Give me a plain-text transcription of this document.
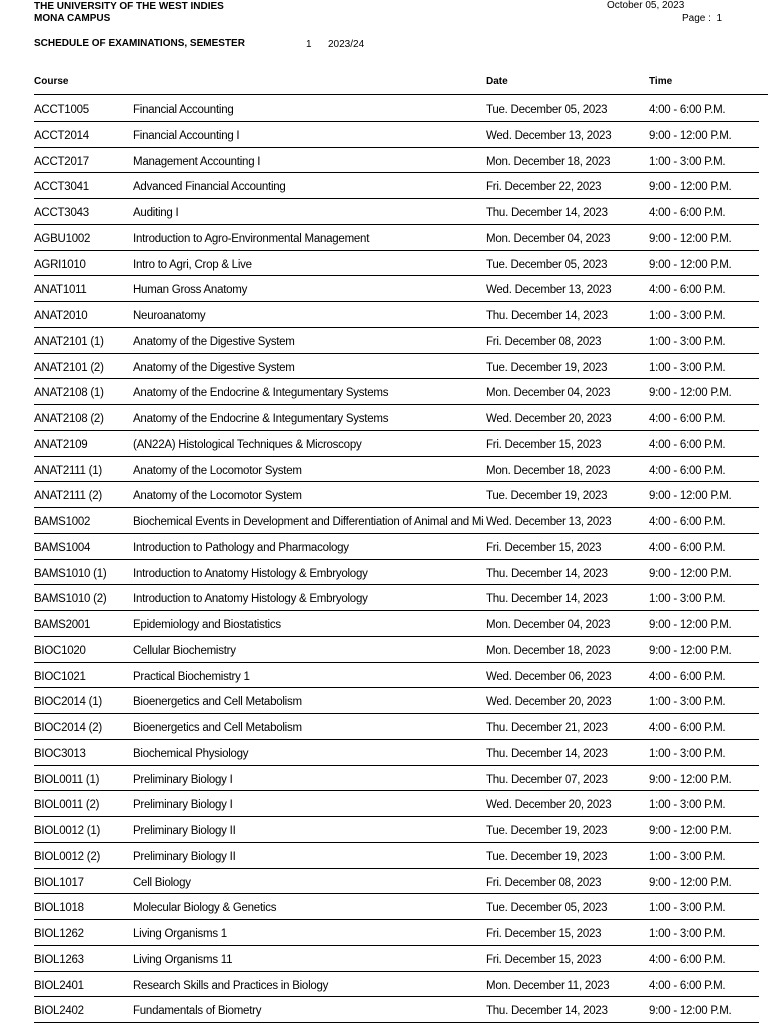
THE UNIVERSITY OF THE WEST INDIES
MONA CAMPUS
October 05, 2023
Page : 1
SCHEDULE OF EXAMINATIONS, SEMESTER	1 2023/24
Course	Date	Time
ACCT1005	Financial Accounting	Tue. December 05, 2023	4:00 - 6:00 P.M.
ACCT2014	Financial Accounting I	Wed. December 13, 2023	9:00 - 12:00 P.M.
ACCT2017	Management Accounting I	Mon. December 18, 2023	1:00 - 3:00 P.M.
ACCT3041	Advanced Financial Accounting	Fri. December 22, 2023	9:00 - 12:00 P.M.
ACCT3043	Auditing I	Thu. December 14, 2023	4:00 - 6:00 P.M.
AGBU1002	Introduction to Agro-Environmental Management	Mon. December 04, 2023	9:00 - 12:00 P.M.
AGRI1010	Intro to Agri, Crop & Live	Tue. December 05, 2023	9:00 - 12:00 P.M.
ANAT1011	Human Gross Anatomy	Wed. December 13, 2023	4:00 - 6:00 P.M.
ANAT2010	Neuroanatomy	Thu. December 14, 2023	1:00 - 3:00 P.M.
ANAT2101 (1)	Anatomy of the Digestive System	Fri. December 08, 2023	1:00 - 3:00 P.M.
ANAT2101 (2)	Anatomy of the Digestive System	Tue. December 19, 2023	1:00 - 3:00 P.M.
ANAT2108 (1)	Anatomy of the Endocrine & Integumentary Systems	Mon. December 04, 2023	9:00 - 12:00 P.M.
ANAT2108 (2)	Anatomy of the Endocrine & Integumentary Systems	Wed. December 20, 2023	4:00 - 6:00 P.M.
ANAT2109	(AN22A) Histological Techniques & Microscopy	Fri. December 15, 2023	4:00 - 6:00 P.M.
ANAT2111 (1)	Anatomy of the Locomotor System	Mon. December 18, 2023	4:00 - 6:00 P.M.
ANAT2111 (2)	Anatomy of the Locomotor System	Tue. December 19, 2023	9:00 - 12:00 P.M.
BAMS1002	Biochemical Events in Development and Differentiation of Animal and Mi Wed. December 13, 2023	4:00 - 6:00 P.M.
BAMS1004	Introduction to Pathology and Pharmacology	Fri. December 15, 2023	4:00 - 6:00 P.M.
BAMS1010 (1) Introduction to Anatomy Histology & Embryology	Thu. December 14, 2023	9:00 - 12:00 P.M.
BAMS1010 (2) Introduction to Anatomy Histology & Embryology	Thu. December 14, 2023	1:00 - 3:00 P.M.
BAMS2001	Epidemiology and Biostatistics	Mon. December 04, 2023	9:00 - 12:00 P.M.
BIOC1020	Cellular Biochemistry	Mon. December 18, 2023	9:00 - 12:00 P.M.
BIOC1021	Practical Biochemistry 1	Wed. December 06, 2023	4:00 - 6:00 P.M.
BIOC2014 (1)	Bioenergetics and Cell Metabolism	Wed. December 20, 2023	1:00 - 3:00 P.M.
BIOC2014 (2)	Bioenergetics and Cell Metabolism	Thu. December 21, 2023	4:00 - 6:00 P.M.
BIOC3013	Biochemical Physiology	Thu. December 14, 2023	1:00 - 3:00 P.M.
BIOL0011 (1)	Preliminary Biology I	Thu. December 07, 2023	9:00 - 12:00 P.M.
BIOL0011 (2)	Preliminary Biology I	Wed. December 20, 2023	1:00 - 3:00 P.M.
BIOL0012 (1)	Preliminary Biology II	Tue. December 19, 2023	9:00 - 12:00 P.M.
BIOL0012 (2)	Preliminary Biology II	Tue. December 19, 2023	1:00 - 3:00 P.M.
BIOL1017	Cell Biology	Fri. December 08, 2023	9:00 - 12:00 P.M.
BIOL1018	Molecular Biology & Genetics	Tue. December 05, 2023	1:00 - 3:00 P.M.
BIOL1262	Living Organisms 1	Fri. December 15, 2023	1:00 - 3:00 P.M.
BIOL1263	Living Organisms 11	Fri. December 15, 2023	4:00 - 6:00 P.M.
BIOL2401	Research Skills and Practices in Biology	Mon. December 11, 2023	4:00 - 6:00 P.M.
BIOL2402	Fundamentals of Biometry	Thu. December 14, 2023	9:00 - 12:00 P.M.
